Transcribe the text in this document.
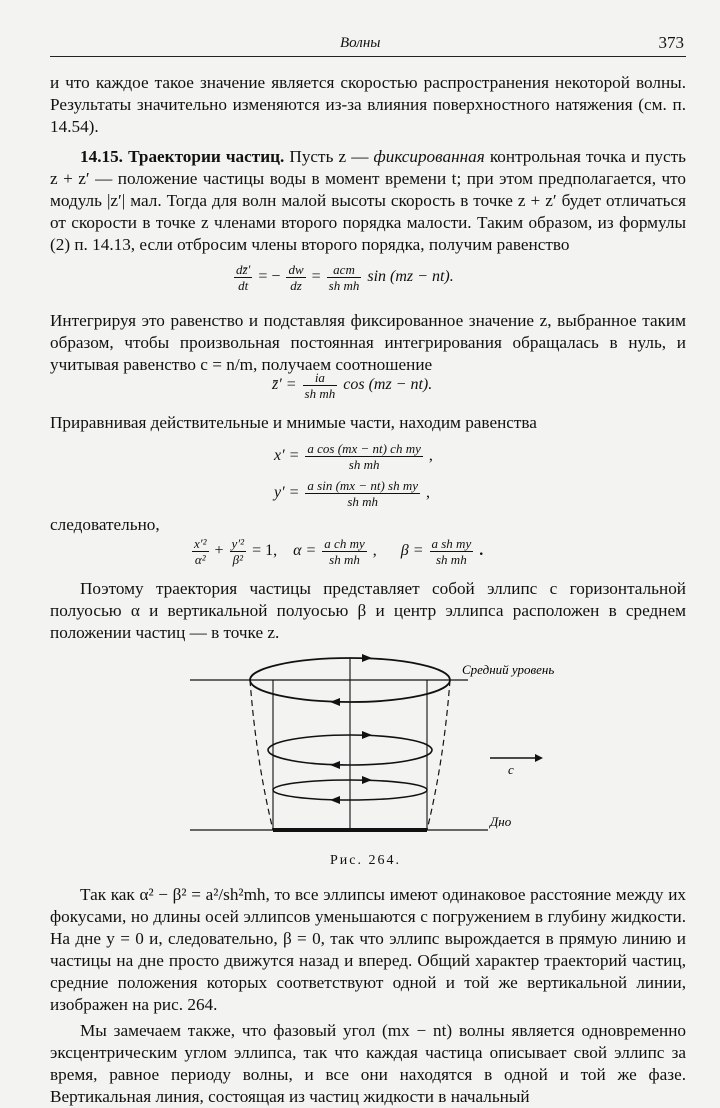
Волны	373

и что каждое такое значение является скоростью распространения некоторой волны. Результаты значительно изменяются из-за влияния поверхностного натяжения (см. п. 14.54).

14.15. Траектории частиц. Пусть z — фиксированная контрольная точка и пусть z + z′ — положение частицы воды в момент времени t; при этом предполагается, что модуль |z′| мал. Тогда для волн малой высоты скорость в точке z + z′ будет отличаться от скорости в точке z членами второго порядка малости. Таким образом, из формулы (2) п. 14.13, если отбросим члены второго порядка, получим равенство

$\frac{dz̄'}{dt}$ = − $\frac{dw}{dz} = \frac{\text{acm}}{\text{sh mh}}$ sin (mz − nt).

Интегрируя это равенство и подставляя фиксированное значение z, выбранное таким образом, чтобы произвольная постоянная интегрирования обращалась в нуль, и учитывая равенство c = n/m, получаем соотношение

z̄′ = $\frac{ia}{\text{sh mh}}$ cos (mz − nt).

Приравнивая действительные и мнимые части, находим равенства

$x' = \frac{\text{a cos (mx − nt) ch my}}{\text{sh mh}}$ ,
$y' = \frac{\text{a sin (mx − nt) sh my}}{\text{sh mh}}$ ,

следовательно,

$\frac{\text{x′²}}{\text{α²}} + \frac{\text{y′²}}{\text{β²}} = 1$, $\alpha = \frac{\text{a ch my}}{\text{sh mh}}$ , $\beta = \frac{\text{a sh my}}{\text{sh mh}}$ .

Поэтому траектория частицы представляет собой эллипс с горизонтальной полуосью α и вертикальной полуосью β и центр эллипса расположен в среднем положении частиц — в точке z.

Средний уровень
c
Дно
Рис. 264.

Так как α² − β² = a²/sh²mh, то все эллипсы имеют одинаковое расстояние между их фокусами, но длины осей эллипсов уменьшаются с погружением в глубину жидкости. На дне y = 0 и, следовательно, β = 0, так что эллипс вырождается в прямую линию и частицы на дне просто движутся назад и вперед. Общий характер траекторий частиц, средние положения которых соответствуют одной и той же вертикальной линии, изображен на рис. 264.

Мы замечаем также, что фазовый угол (mx − nt) волны является одновременно эксцентрическим углом эллипса, так что каждая частица описывает свой эллипс за время, равное периоду волны, и все они находятся в одной и той же фазе. Вертикальная линия, состоящая из частиц жидкости в начальный
